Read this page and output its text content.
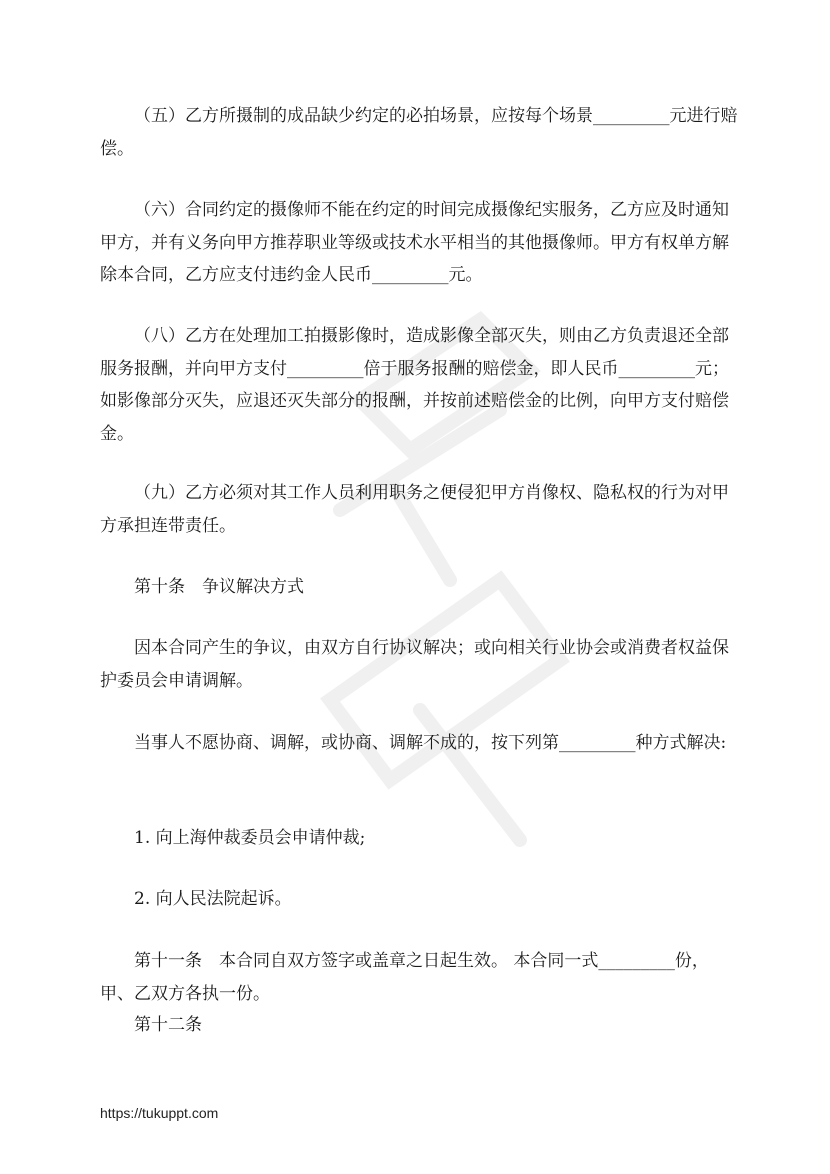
（五）乙方所摄制的成品缺少约定的必拍场景，应按每个场景_________元进行赔偿。

（六）合同约定的摄像师不能在约定的时间完成摄像纪实服务，乙方应及时通知甲方，并有义务向甲方推荐职业等级或技术水平相当的其他摄像师。甲方有权单方解除本合同，乙方应支付违约金人民币_________元。

（八）乙方在处理加工拍摄影像时，造成影像全部灭失，则由乙方负责退还全部服务报酬，并向甲方支付_________倍于服务报酬的赔偿金，即人民币_________元；如影像部分灭失，应退还灭失部分的报酬，并按前述赔偿金的比例，向甲方支付赔偿金。

（九）乙方必须对其工作人员利用职务之便侵犯甲方肖像权、隐私权的行为对甲方承担连带责任。

第十条　争议解决方式

因本合同产生的争议，由双方自行协议解决；或向相关行业协会或消费者权益保护委员会申请调解。

当事人不愿协商、调解，或协商、调解不成的，按下列第_________种方式解决:

1. 向上海仲裁委员会申请仲裁;

2. 向人民法院起诉。

第十一条　本合同自双方签字或盖章之日起生效。 本合同一式_________份，甲、乙双方各执一份。

第十二条

https://tukuppt.com
